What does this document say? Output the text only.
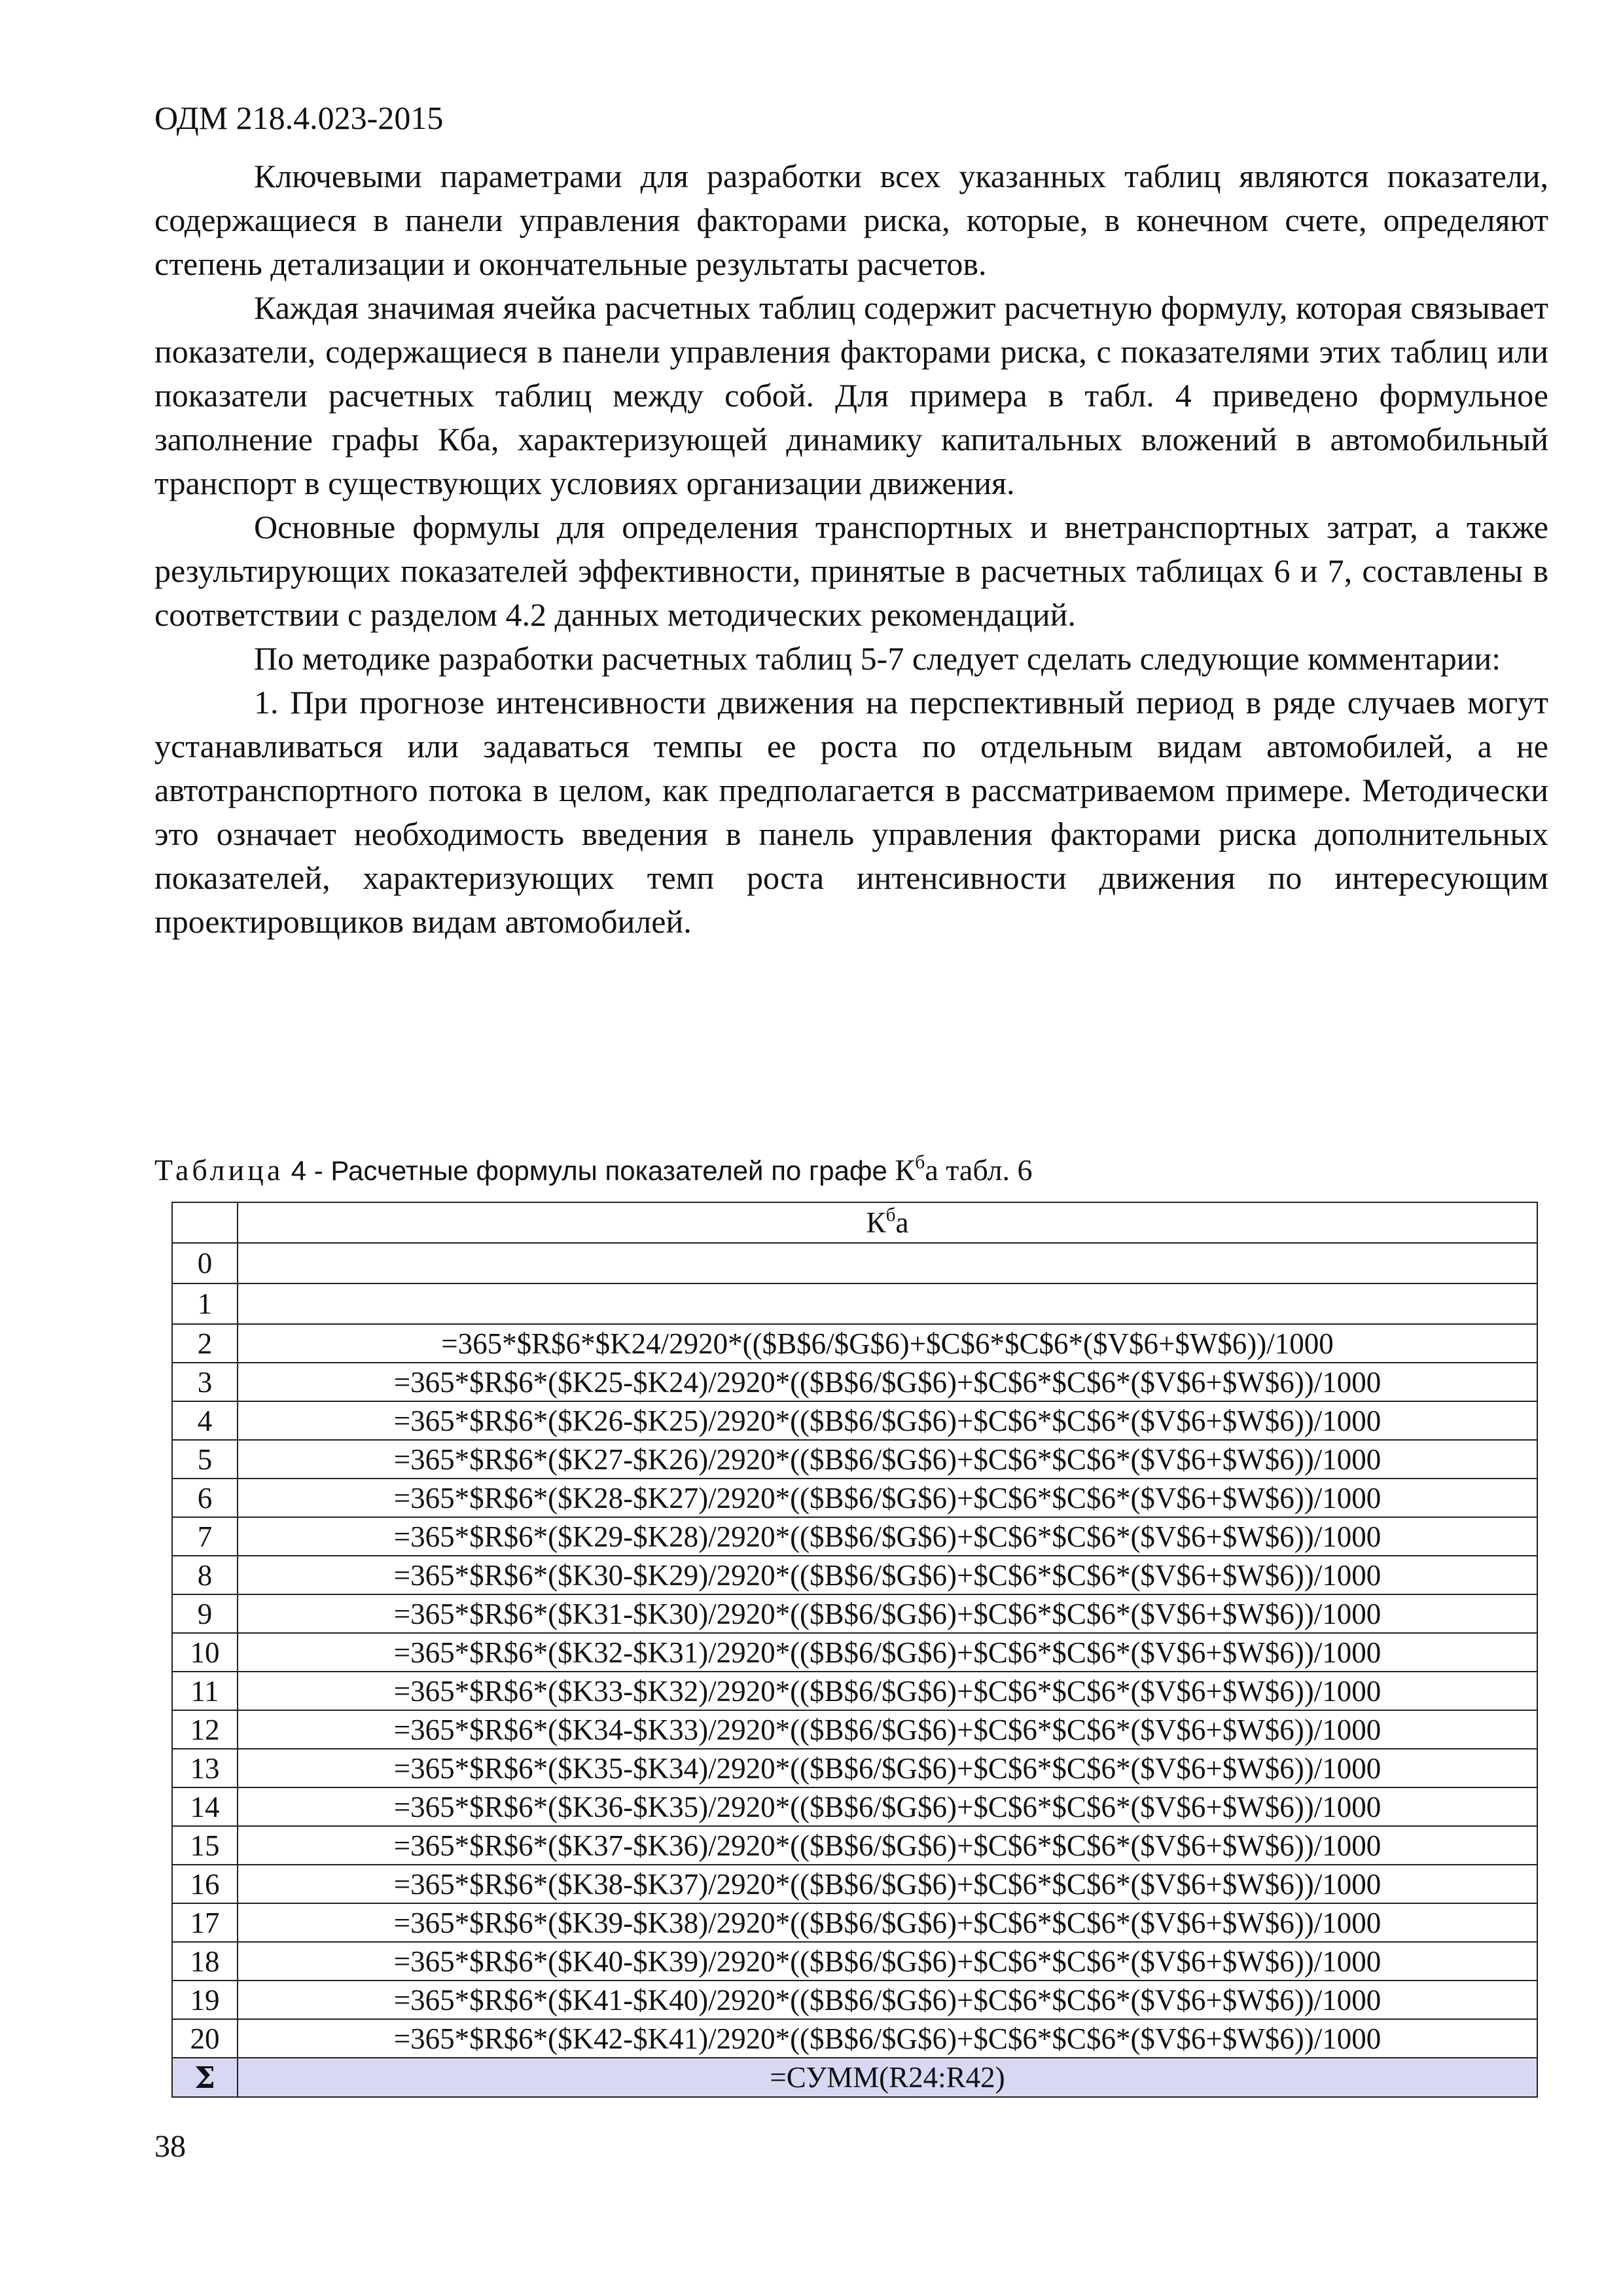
ОДМ 218.4.023-2015

Ключевыми параметрами для разработки всех указанных таблиц являются показатели, содержащиеся в панели управления факторами риска, которые, в конечном счете, определяют степень детализации и окончательные результаты расчетов.

Каждая значимая ячейка расчетных таблиц содержит расчетную формулу, которая связывает показатели, содержащиеся в панели управления факторами риска, с показателями этих таблиц или показатели расчетных таблиц между собой. Для примера в табл. 4 приведено формульное заполнение графы Кба, характеризующей динамику капитальных вложений в автомобильный транспорт в существующих условиях организации движения.

Основные формулы для определения транспортных и внетранспортных затрат, а также результирующих показателей эффективности, принятые в расчетных таблицах 6 и 7, составлены в соответствии с разделом 4.2 данных методических рекомендаций.

По методике разработки расчетных таблиц 5-7 следует сделать следующие комментарии:

1. При прогнозе интенсивности движения на перспективный период в ряде случаев могут устанавливаться или задаваться темпы ее роста по отдельным видам автомобилей, а не автотранспортного потока в целом, как предполагается в рассматриваемом примере. Методически это означает необходимость введения в панель управления факторами риска дополнительных показателей, характеризующих темп роста интенсивности движения по интересующим проектировщиков видам автомобилей.

Таблица 4 - Расчетные формулы показателей по графе $К^ба$ табл. 6
	$К^ба$
0	
1	
2	=365*$R$6*$K24/2920*(($B$6/$G$6)+$C$6*$C$6*($V$6+$W$6))/1000
3	=365*$R$6*($K25-$K24)/2920*(($B$6/$G$6)+$C$6*$C$6*($V$6+$W$6))/1000
4	=365*$R$6*($K26-$K25)/2920*(($B$6/$G$6)+$C$6*$C$6*($V$6+$W$6))/1000
5	=365*$R$6*($K27-$K26)/2920*(($B$6/$G$6)+$C$6*$C$6*($V$6+$W$6))/1000
6	=365*$R$6*($K28-$K27)/2920*(($B$6/$G$6)+$C$6*$C$6*($V$6+$W$6))/1000
7	=365*$R$6*($K29-$K28)/2920*(($B$6/$G$6)+$C$6*$C$6*($V$6+$W$6))/1000
8	=365*$R$6*($K30-$K29)/2920*(($B$6/$G$6)+$C$6*$C$6*($V$6+$W$6))/1000
9	=365*$R$6*($K31-$K30)/2920*(($B$6/$G$6)+$C$6*$C$6*($V$6+$W$6))/1000
10	=365*$R$6*($K32-$K31)/2920*(($B$6/$G$6)+$C$6*$C$6*($V$6+$W$6))/1000
11	=365*$R$6*($K33-$K32)/2920*(($B$6/$G$6)+$C$6*$C$6*($V$6+$W$6))/1000
12	=365*$R$6*($K34-$K33)/2920*(($B$6/$G$6)+$C$6*$C$6*($V$6+$W$6))/1000
13	=365*$R$6*($K35-$K34)/2920*(($B$6/$G$6)+$C$6*$C$6*($V$6+$W$6))/1000
14	=365*$R$6*($K36-$K35)/2920*(($B$6/$G$6)+$C$6*$C$6*($V$6+$W$6))/1000
15	=365*$R$6*($K37-$K36)/2920*(($B$6/$G$6)+$C$6*$C$6*($V$6+$W$6))/1000
16	=365*$R$6*($K38-$K37)/2920*(($B$6/$G$6)+$C$6*$C$6*($V$6+$W$6))/1000
17	=365*$R$6*($K39-$K38)/2920*(($B$6/$G$6)+$C$6*$C$6*($V$6+$W$6))/1000
18	=365*$R$6*($K40-$K39)/2920*(($B$6/$G$6)+$C$6*$C$6*($V$6+$W$6))/1000
19	=365*$R$6*($K41-$K40)/2920*(($B$6/$G$6)+$C$6*$C$6*($V$6+$W$6))/1000
20	=365*$R$6*($K42-$K41)/2920*(($B$6/$G$6)+$C$6*$C$6*($V$6+$W$6))/1000
Σ	=СУММ(R24:R42)
38
